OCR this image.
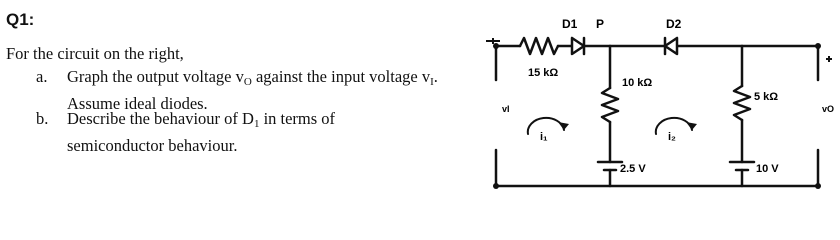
Q1:
For the circuit on the right,
a. Graph the output voltage $v_O$ against the input voltage $v_I$.
Assume ideal diodes.
b. Describe the behaviour of $D_1$ in terms of
semiconductor behaviour.
D1 P	D2
15 kΩ
10 kΩ
5 kΩ
i₁	i₂
2.5 V	10 V
vI	vO
